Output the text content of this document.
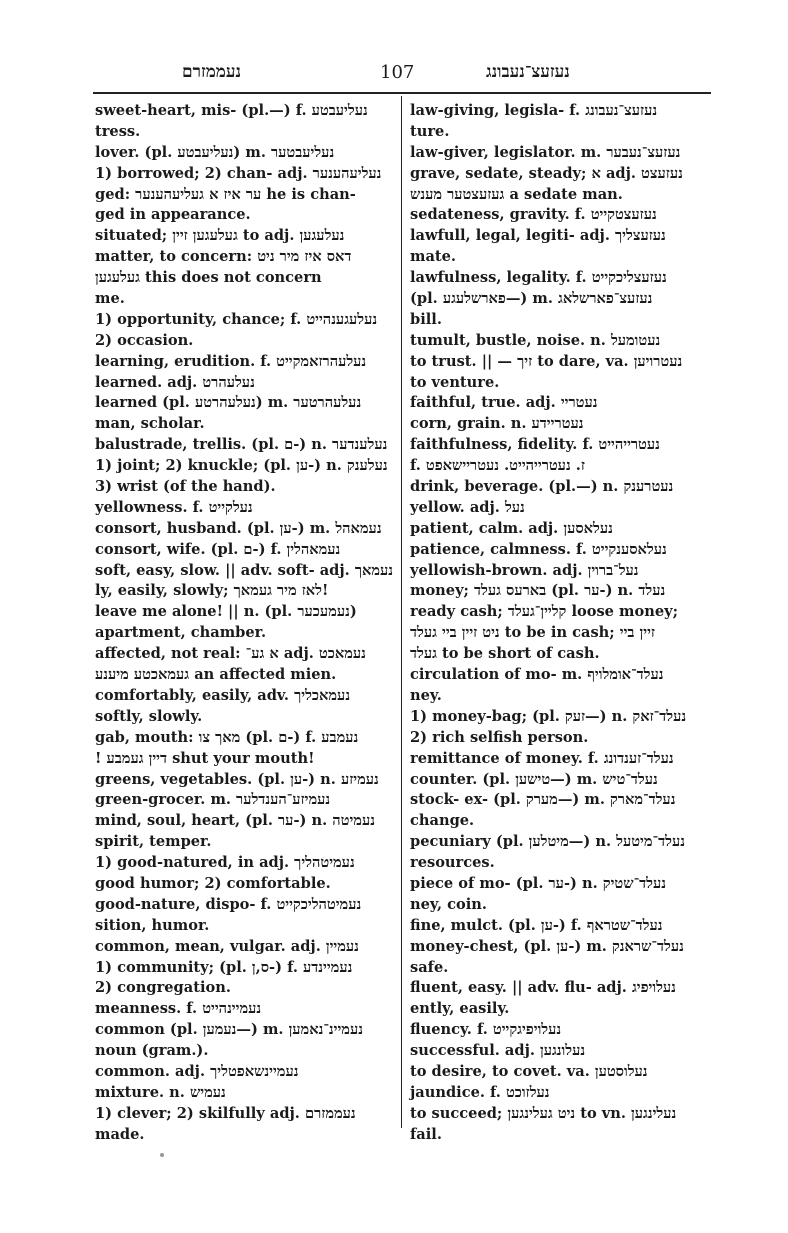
נעממזרם	107	נעזעצ־נעבונג
sweet-heart, mis- (pl.—) f. נעליעבטע
tress.
lover. (pl. נעליעבטע) m. נעליעבטער
1) borrowed; 2) chan- adj. נעליעהענער
ged: ער איז א געליעהענער he is chan-
ged in appearance.
situated; געלעגען זיין to adj. נעלעגען
matter, to concern: דאס איז מיר ניט
געלעגען this does not concern
me.
1) opportunity, chance; f. נעלעגענהייט
2) occasion.
learning, erudition. f. נעלעהרזאמקייט
learned. adj. נעלעהרט
learned (pl. נעלעהרטע) m. נעלעהרטער
man, scholar.
balustrade, trellis. (pl. ם-) n. נעלענדער
1) joint; 2) knuckle; (pl. ען-) n. נעלענק
3) wrist (of the hand).
yellowness. f. נעלקייט
consort, husband. (pl. ען-) m. נעמאהל
consort, wife. (pl. ם-) f. נעמאהלין
soft, easy, slow. || adv. soft- adj. נעמאך
ly, easily, slowly; לאז מיר געמאך!
leave me alone! || n. (pl. נעמעכער)
apartment, chamber.
affected, not real: א גע־ adj. נעמאכט
געמאכטע מיענע an affected mien.
comfortably, easily, adv. נעמאכליך
softly, slowly.
gab, mouth: מאך צו (pl. ם-) f. נעמבע
! דיין געמבע shut your mouth!
greens, vegetables. (pl. ען-) n. נעמיזע
green-grocer. m. נעמיזע־הענדלער
mind, soul, heart, (pl. ער-) n. נעמיטה
spirit, temper.
1) good-natured, in adj. נעמיטהליך
good humor; 2) comfortable.
good-nature, dispo- f. נעמיטהליכקייט
sition, humor.
common, mean, vulgar. adj. נעמיין
1) community; (pl. ס,ן-) f. נעמיינדע
2) congregation.
meanness. f. נעמיינהייט
common (pl. נעמען—) m. נעמיינ־נאמען
noun (gram.).
common. adj. נעמיינשאפטליך
mixture. n. נעמיש
1) clever; 2) skilfully adj. נעממזרם
made.
law-giving, legisla- f. נעזעצ־נעבונג
ture.
law-giver, legislator. m. נעזעצ־נעבער
grave, sedate, steady; א adj. נעזעצט
געזעצטער מענש a sedate man.
sedateness, gravity. f. נעזעצטקייט
lawfull, legal, legiti- adj. נעזעצליך
mate.
lawfulness, legality. f. נעזעצליכקייט
(pl. פארשלעגע—) m. נעזעצ־פארשלאג
bill.
tumult, bustle, noise. n. נעטומעל
to trust. || — זיך to dare, va. נעטרויען
to venture.
faithful, true. adj. נעטריי
corn, grain. n. נעטריידע
faithfulness, fidelity. f. נעטרייהייט
f. ז. נעטרייהייט. נעטריישאפט
drink, beverage. (pl.—) n. נעטרענק
yellow. adj. נעל
patient, calm. adj. נעלאסען
patience, calmness. f. נעלאסענקייט
yellowish-brown. adj. נעל־ברוין
money; בארעס געלד (pl. ער-) n. נעלד
ready cash; קליין־געלד loose money;
ניט זיין ביי געלד to be in cash; זיין ביי
געלד to be short of cash.
circulation of mo- m. נעלד־אומלויף
ney.
1) money-bag; (pl. זעק—) n. נעלד־זאק
2) rich selfish person.
remittance of money. f. נעלד־זענדונג
counter. (pl. טישען—) m. נעלד־טיש
stock- ex- (pl. מערק—) m. נעלד־מארק
change.
pecuniary (pl. מיטלען—) n. נעלד־מיטעל
resources.
piece of mo- (pl. ער-) n. נעלד־שטיק
ney, coin.
fine, mulct. (pl. ען-) f. נעלד־שטראף
money-chest, (pl. ען-) m. נעלד־שראנק
safe.
fluent, easy. || adv. flu- adj. נעלויפיג
ently, easily.
fluency. f. נעלויפיגקייט
successful. adj. נעלונגען
to desire, to covet. va. נעלוסטען
jaundice. f. נעלזוכט
to succeed; ניט געלינגען to vn. נעלינגען
fail.
